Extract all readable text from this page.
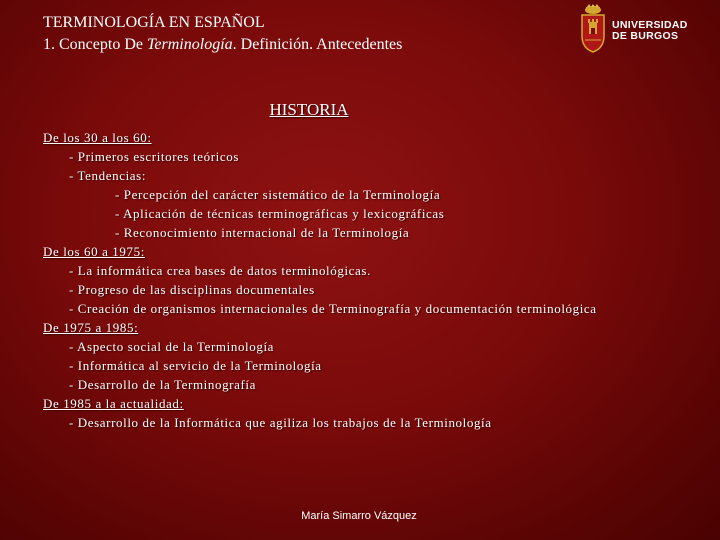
TERMINOLOGÍA EN ESPAÑOL
1. Concepto De Terminología. Definición. Antecedentes
UNIVERSIDAD
DE BURGOS
HISTORIA
De los 30 a los 60:
- Primeros escritores teóricos
- Tendencias:
- Percepción del carácter sistemático de la Terminología
- Aplicación de técnicas terminográficas y lexicográficas
- Reconocimiento internacional de la Terminología
De los 60 a 1975:
- La informática crea bases de datos terminológicas.
- Progreso de las disciplinas documentales
- Creación de organismos internacionales de Terminografía y documentación terminológica
De 1975 a 1985:
- Aspecto social de la Terminología
- Informática al servicio de la Terminología
- Desarrollo de la Terminografía
De 1985 a la actualidad:
- Desarrollo de la Informática que agiliza los trabajos de la Terminología
María Simarro Vázquez
